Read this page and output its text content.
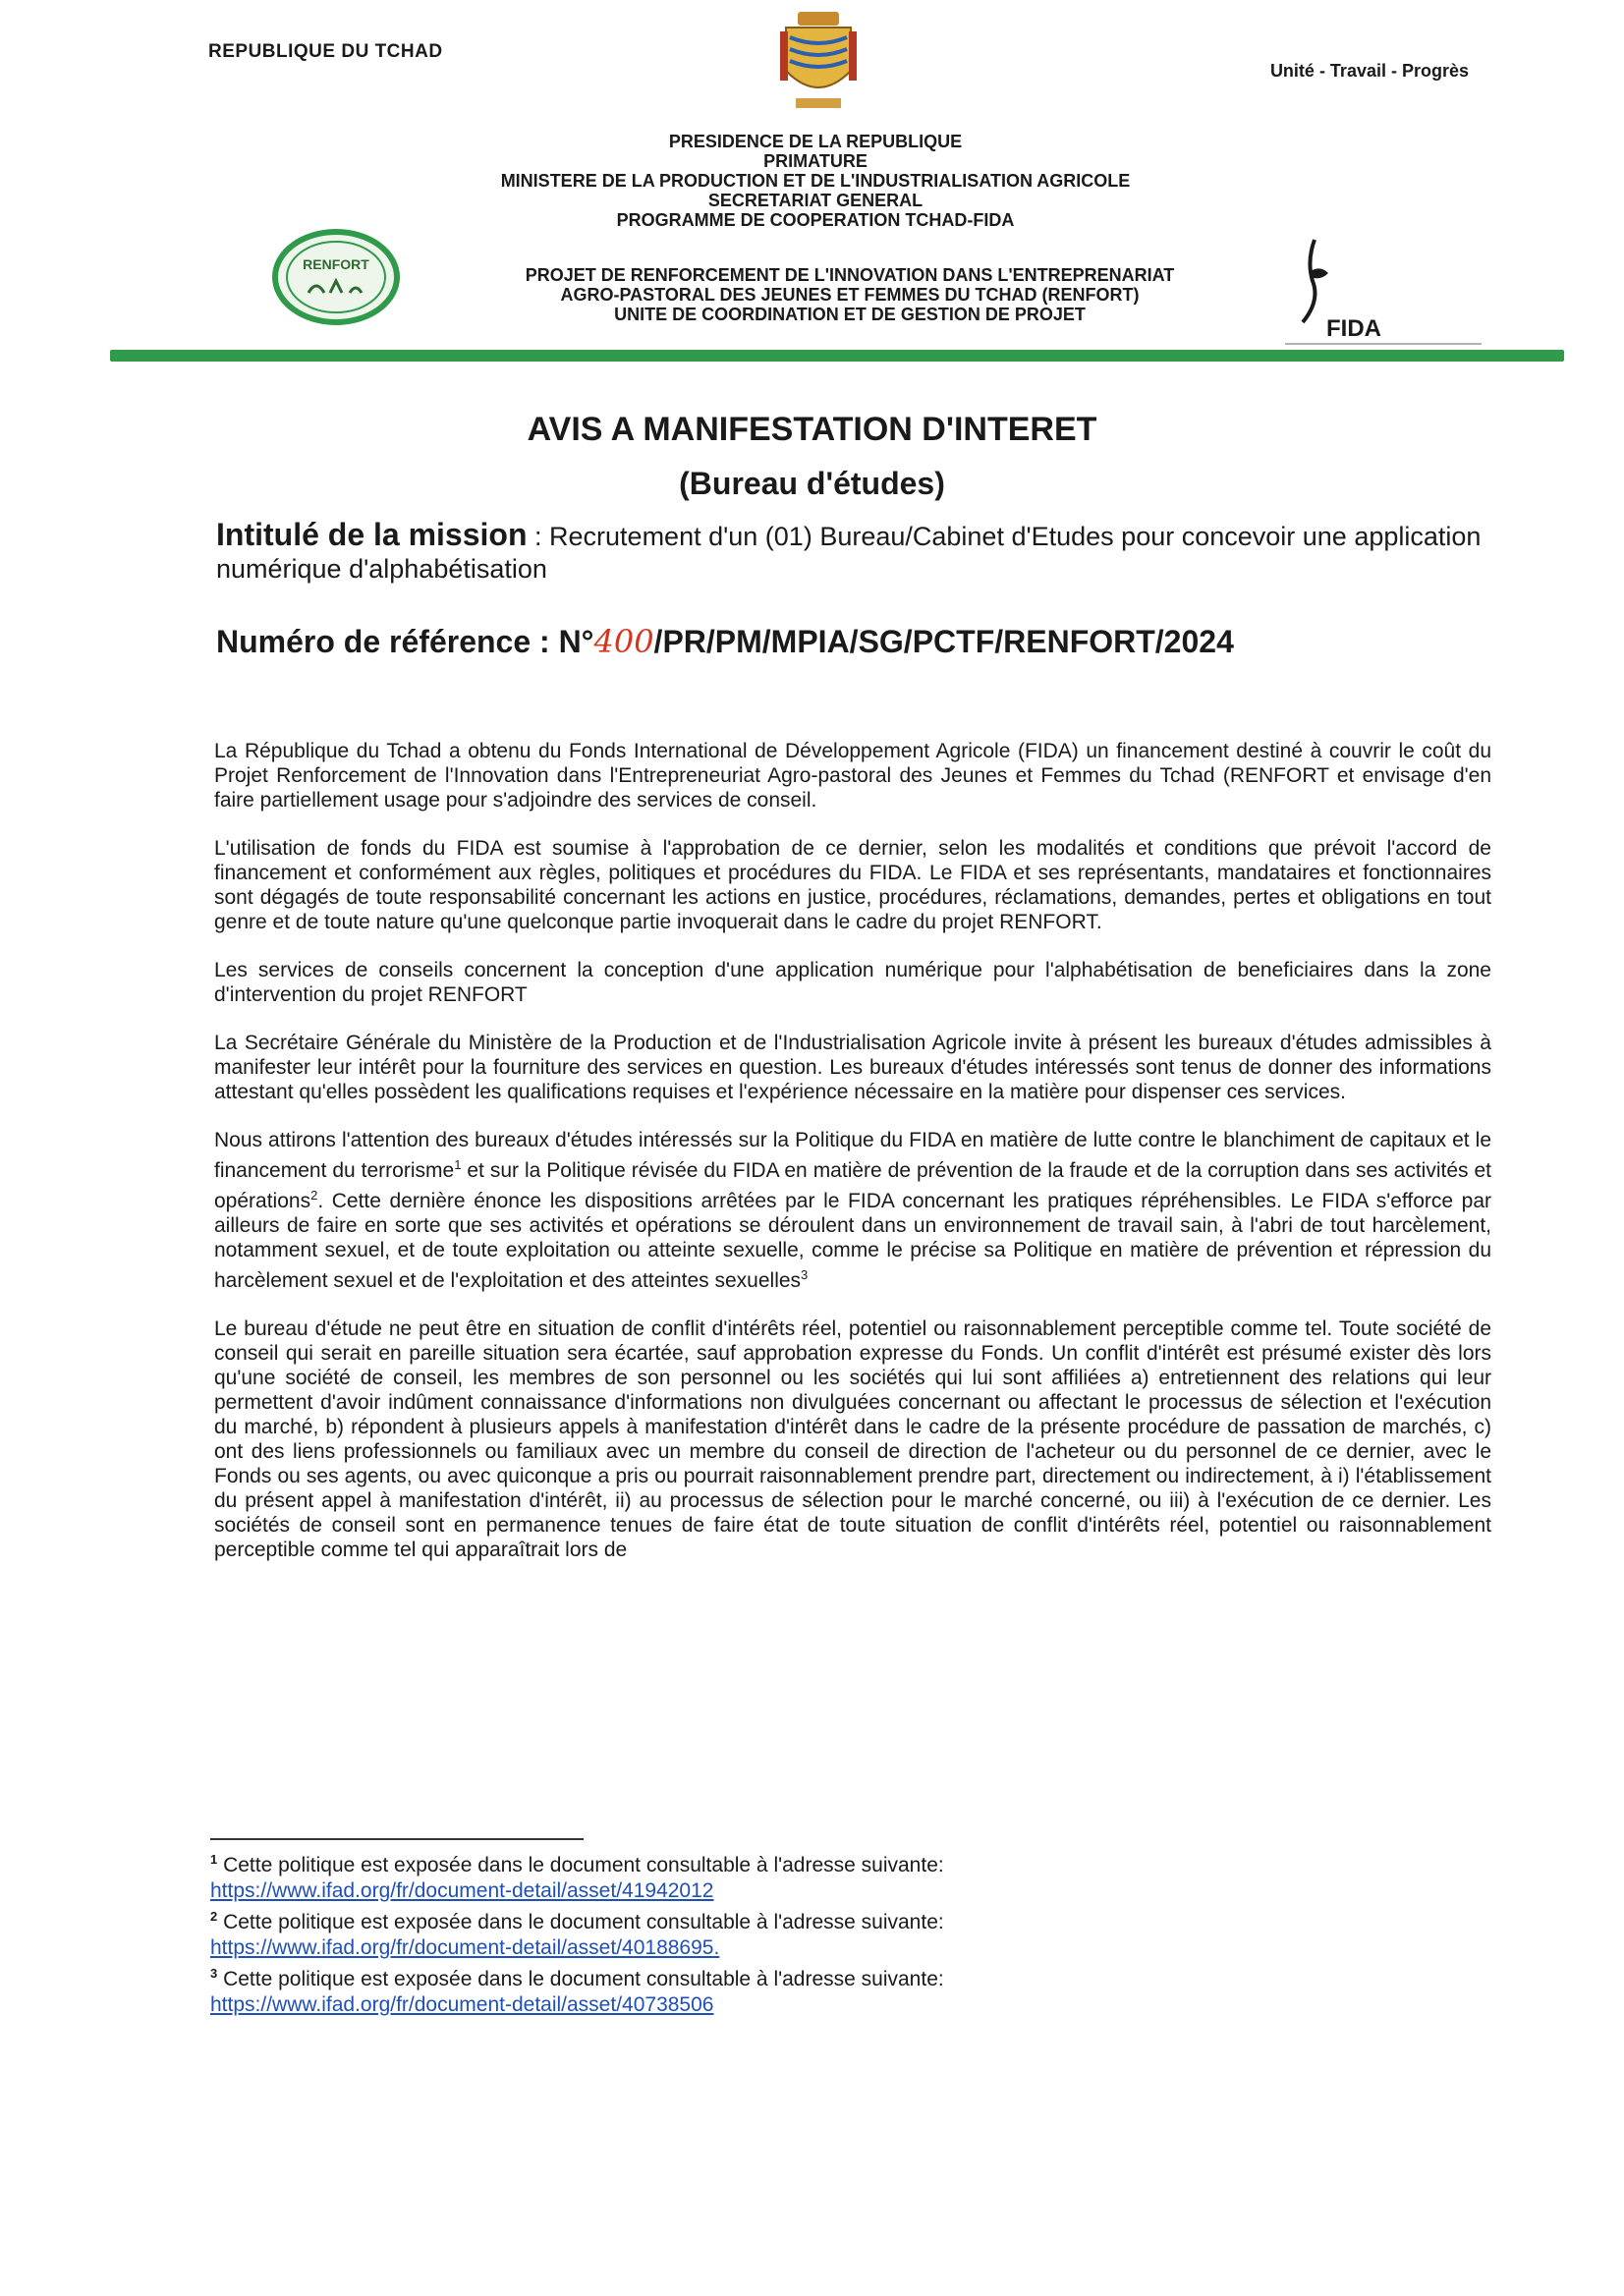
REPUBLIQUE DU TCHAD
Unité - Travail - Progrès
PRESIDENCE DE LA REPUBLIQUE
PRIMATURE
MINISTERE DE LA PRODUCTION ET DE L'INDUSTRIALISATION AGRICOLE
SECRETARIAT GENERAL
PROGRAMME DE COOPERATION TCHAD-FIDA
RENFORT
PROJET DE RENFORCEMENT DE L'INNOVATION DANS L'ENTREPRENARIAT
AGRO-PASTORAL DES JEUNES ET FEMMES DU TCHAD (RENFORT)
UNITE DE COORDINATION ET DE GESTION DE PROJET
FIDA
AVIS A MANIFESTATION D'INTERET
(Bureau d'études)
Intitulé de la mission : Recrutement d'un (01) Bureau/Cabinet d'Etudes pour concevoir une application numérique d'alphabétisation
Numéro de référence : N°400/PR/PM/MPIA/SG/PCTF/RENFORT/2024

La République du Tchad a obtenu du Fonds International de Développement Agricole (FIDA) un financement destiné à couvrir le coût du Projet Renforcement de l'Innovation dans l'Entrepreneuriat Agro-pastoral des Jeunes et Femmes du Tchad (RENFORT et envisage d'en faire partiellement usage pour s'adjoindre des services de conseil.

L'utilisation de fonds du FIDA est soumise à l'approbation de ce dernier, selon les modalités et conditions que prévoit l'accord de financement et conformément aux règles, politiques et procédures du FIDA. Le FIDA et ses représentants, mandataires et fonctionnaires sont dégagés de toute responsabilité concernant les actions en justice, procédures, réclamations, demandes, pertes et obligations en tout genre et de toute nature qu'une quelconque partie invoquerait dans le cadre du projet RENFORT.

Les services de conseils concernent la conception d'une application numérique pour l'alphabétisation de beneficiaires dans la zone d'intervention du projet RENFORT

La Secrétaire Générale du Ministère de la Production et de l'Industrialisation Agricole invite à présent les bureaux d'études admissibles à manifester leur intérêt pour la fourniture des services en question. Les bureaux d'études intéressés sont tenus de donner des informations attestant qu'elles possèdent les qualifications requises et l'expérience nécessaire en la matière pour dispenser ces services.

Nous attirons l'attention des bureaux d'études intéressés sur la Politique du FIDA en matière de lutte contre le blanchiment de capitaux et le financement du terrorisme$^1$ et sur la Politique révisée du FIDA en matière de prévention de la fraude et de la corruption dans ses activités et opérations$^2$. Cette dernière énonce les dispositions arrêtées par le FIDA concernant les pratiques répréhensibles. Le FIDA s'efforce par ailleurs de faire en sorte que ses activités et opérations se déroulent dans un environnement de travail sain, à l'abri de tout harcèlement, notamment sexuel, et de toute exploitation ou atteinte sexuelle, comme le précise sa Politique en matière de prévention et répression du harcèlement sexuel et de l'exploitation et des atteintes sexuelles$^3$

Le bureau d'étude ne peut être en situation de conflit d'intérêts réel, potentiel ou raisonnablement perceptible comme tel. Toute société de conseil qui serait en pareille situation sera écartée, sauf approbation expresse du Fonds. Un conflit d'intérêt est présumé exister dès lors qu'une société de conseil, les membres de son personnel ou les sociétés qui lui sont affiliées a) entretiennent des relations qui leur permettent d'avoir indûment connaissance d'informations non divulguées concernant ou affectant le processus de sélection et l'exécution du marché, b) répondent à plusieurs appels à manifestation d'intérêt dans le cadre de la présente procédure de passation de marchés, c) ont des liens professionnels ou familiaux avec un membre du conseil de direction de l'acheteur ou du personnel de ce dernier, avec le Fonds ou ses agents, ou avec quiconque a pris ou pourrait raisonnablement prendre part, directement ou indirectement, à i) l'établissement du présent appel à manifestation d'intérêt, ii) au processus de sélection pour le marché concerné, ou iii) à l'exécution de ce dernier. Les sociétés de conseil sont en permanence tenues de faire état de toute situation de conflit d'intérêts réel, potentiel ou raisonnablement perceptible comme tel qui apparaîtrait lors de

$^1$ Cette politique est exposée dans le document consultable à l'adresse suivante:
https://www.ifad.org/fr/document-detail/asset/41942012
$^2$ Cette politique est exposée dans le document consultable à l'adresse suivante:
https://www.ifad.org/fr/document-detail/asset/40188695.
$^3$ Cette politique est exposée dans le document consultable à l'adresse suivante:
https://www.ifad.org/fr/document-detail/asset/40738506
